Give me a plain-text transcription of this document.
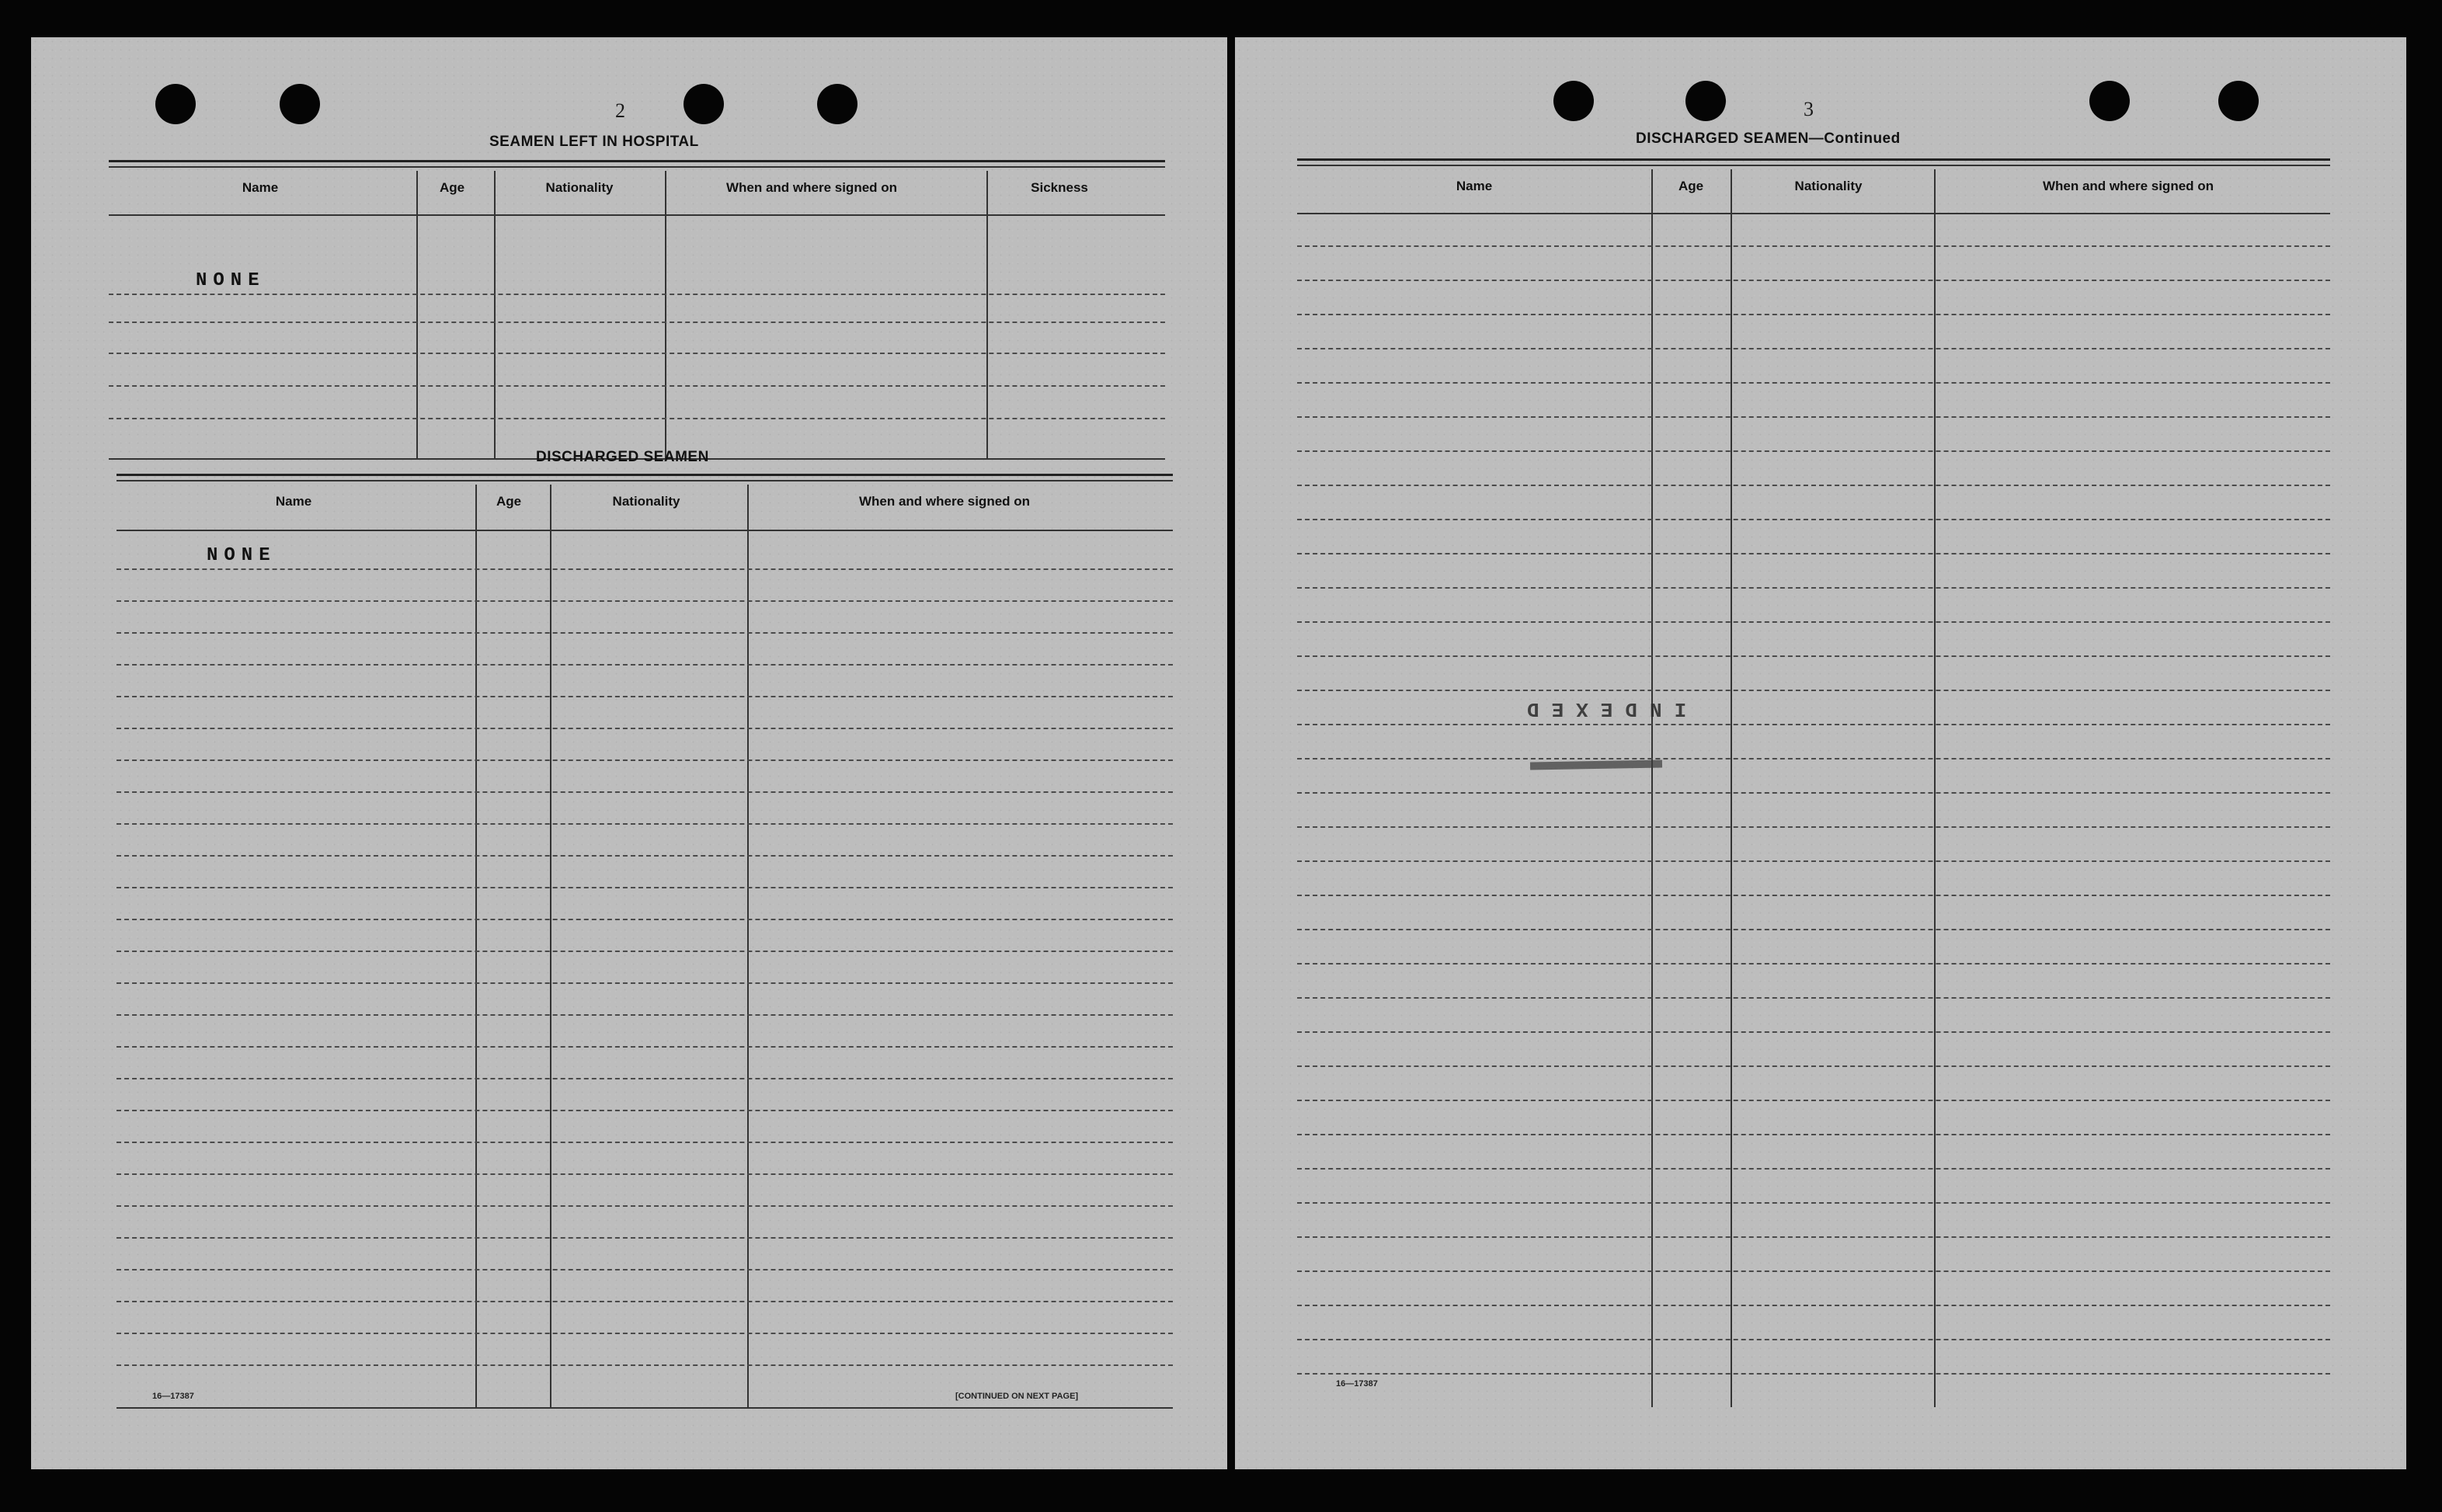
2
SEAMEN LEFT IN HOSPITAL
Name	Age	Nationality	When and where signed on	Sickness
NONE
DISCHARGED SEAMEN
Name	Age	Nationality	When and where signed on
NONE
16—17387	[CONTINUED ON NEXT PAGE]
3
DISCHARGED SEAMEN—Continued
Name	Age	Nationality	When and where signed on
INDEXED
16—17387
